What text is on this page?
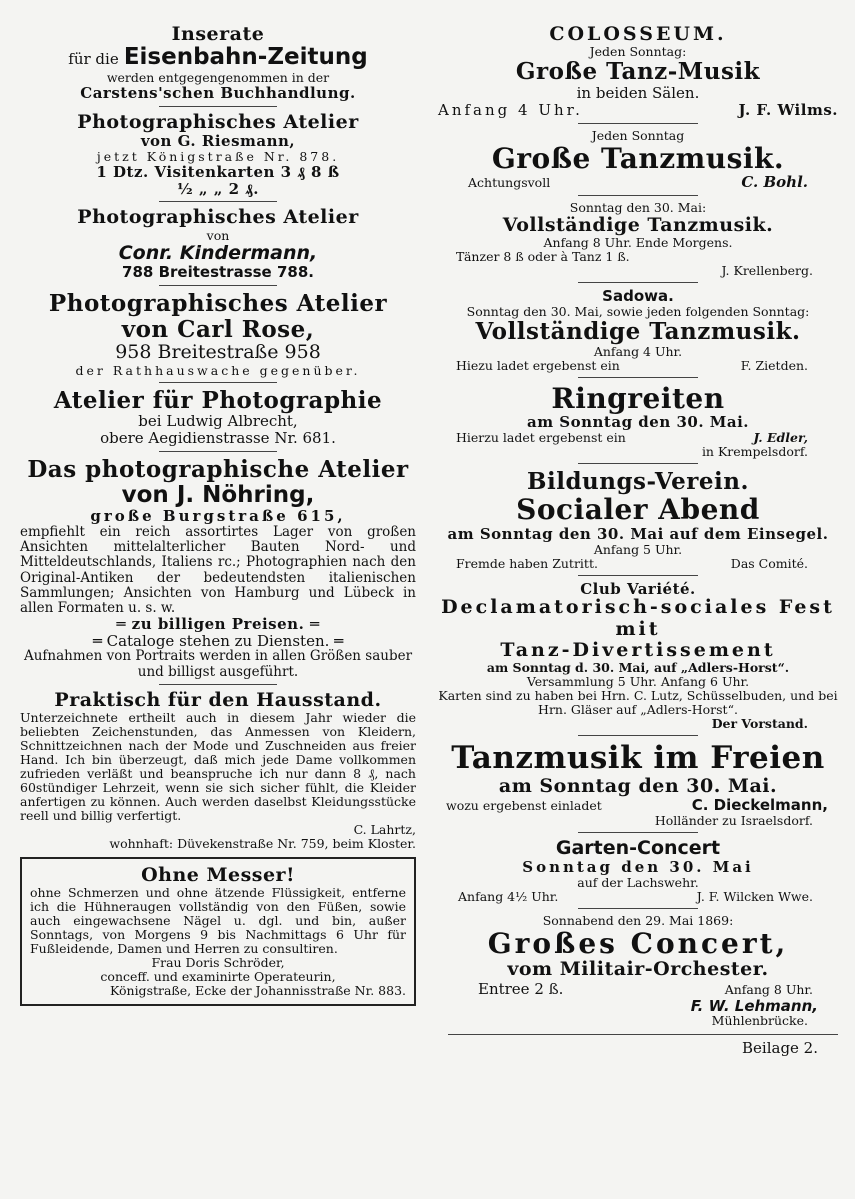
Inserate
für die Eisenbahn-Zeitung
werden entgegengenommen in der
Carstens'schen Buchhandlung.
Photographisches Atelier
von G. Riesmann,
jetzt Königstraße Nr. 878.
1 Dtz. Visitenkarten 3 ₰ 8 ß
½ „ „ 2 ₰.
Photographisches Atelier
von
Conr. Kindermann,
788 Breitestrasse 788.
Photographisches Atelier
von Carl Rose,
958 Breitestraße 958
der Rathhauswache gegenüber.
Atelier für Photographie
bei Ludwig Albrecht,
obere Aegidienstrasse Nr. 681.
Das photographische Atelier
von J. Nöhring,
große Burgstraße 615,
empfiehlt ein reich assortirtes Lager von großen Ansichten mittelalterlicher Bauten Nord- und Mitteldeutschlands, Italiens rc.; Photographien nach den Original-Antiken der bedeutendsten italienischen Sammlungen; Ansichten von Hamburg und Lübeck in allen Formaten u. s. w.
═ zu billigen Preisen. ═
═ Cataloge stehen zu Diensten. ═
Aufnahmen von Portraits werden in allen Größen sauber und billigst ausgeführt.
Praktisch für den Hausstand.
Unterzeichnete ertheilt auch in diesem Jahr wieder die beliebten Zeichenstunden, das Anmessen von Kleidern, Schnittzeichnen nach der Mode und Zuschneiden aus freier Hand. Ich bin überzeugt, daß mich jede Dame vollkommen zufrieden verläßt und beanspruche ich nur dann 8 ₰, nach 60stündiger Lehrzeit, wenn sie sich sicher fühlt, die Kleider anfertigen zu können. Auch werden daselbst Kleidungsstücke reell und billig verfertigt.
C. Lahrtz,
wohnhaft: Düvekenstraße Nr. 759, beim Kloster.
Ohne Messer!
ohne Schmerzen und ohne ätzende Flüssigkeit, entferne ich die Hühneraugen vollständig von den Füßen, sowie auch eingewachsene Nägel u. dgl. und bin, außer Sonntags, von Morgens 9 bis Nachmittags 6 Uhr für Fußleidende, Damen und Herren zu consultiren.
Frau Doris Schröder,
conceff. und examinirte Operateurin,
Königstraße, Ecke der Johannisstraße Nr. 883.
COLOSSEUM.
Jeden Sonntag:
Große Tanz-Musik
in beiden Sälen.
Anfang 4 Uhr.	J. F. Wilms.
Jeden Sonntag
Große Tanzmusik.
Achtungsvoll	C. Bohl.
Sonntag den 30. Mai:
Vollständige Tanzmusik.
Anfang 8 Uhr. Ende Morgens.
Tänzer 8 ß oder à Tanz 1 ß.
J. Krellenberg.
Sadowa.
Sonntag den 30. Mai, sowie jeden folgenden Sonntag:
Vollständige Tanzmusik.
Anfang 4 Uhr.
Hiezu ladet ergebenst ein	F. Zietden.
Ringreiten
am Sonntag den 30. Mai.
Hierzu ladet ergebenst ein	J. Edler,
in Krempelsdorf.
Bildungs-Verein.
Socialer Abend
am Sonntag den 30. Mai auf dem Einsegel.
Anfang 5 Uhr.
Fremde haben Zutritt.	Das Comité.
Club Variété.
Declamatorisch-sociales Fest mit
Tanz-Divertissement
am Sonntag d. 30. Mai, auf „Adlers-Horst“.
Versammlung 5 Uhr. Anfang 6 Uhr.
Karten sind zu haben bei Hrn. C. Lutz, Schüsselbuden, und bei Hrn. Gläser auf „Adlers-Horst“.
Der Vorstand.
Tanzmusik im Freien
am Sonntag den 30. Mai.
wozu ergebenst einladet	C. Dieckelmann,
Holländer zu Israelsdorf.
Garten-Concert
Sonntag den 30. Mai
auf der Lachswehr.
Anfang 4½ Uhr.	J. F. Wilcken Wwe.
Sonnabend den 29. Mai 1869:
Großes Concert,
vom Militair-Orchester.
Entree 2 ß.	Anfang 8 Uhr.
F. W. Lehmann,
Mühlenbrücke.
Beilage 2.
